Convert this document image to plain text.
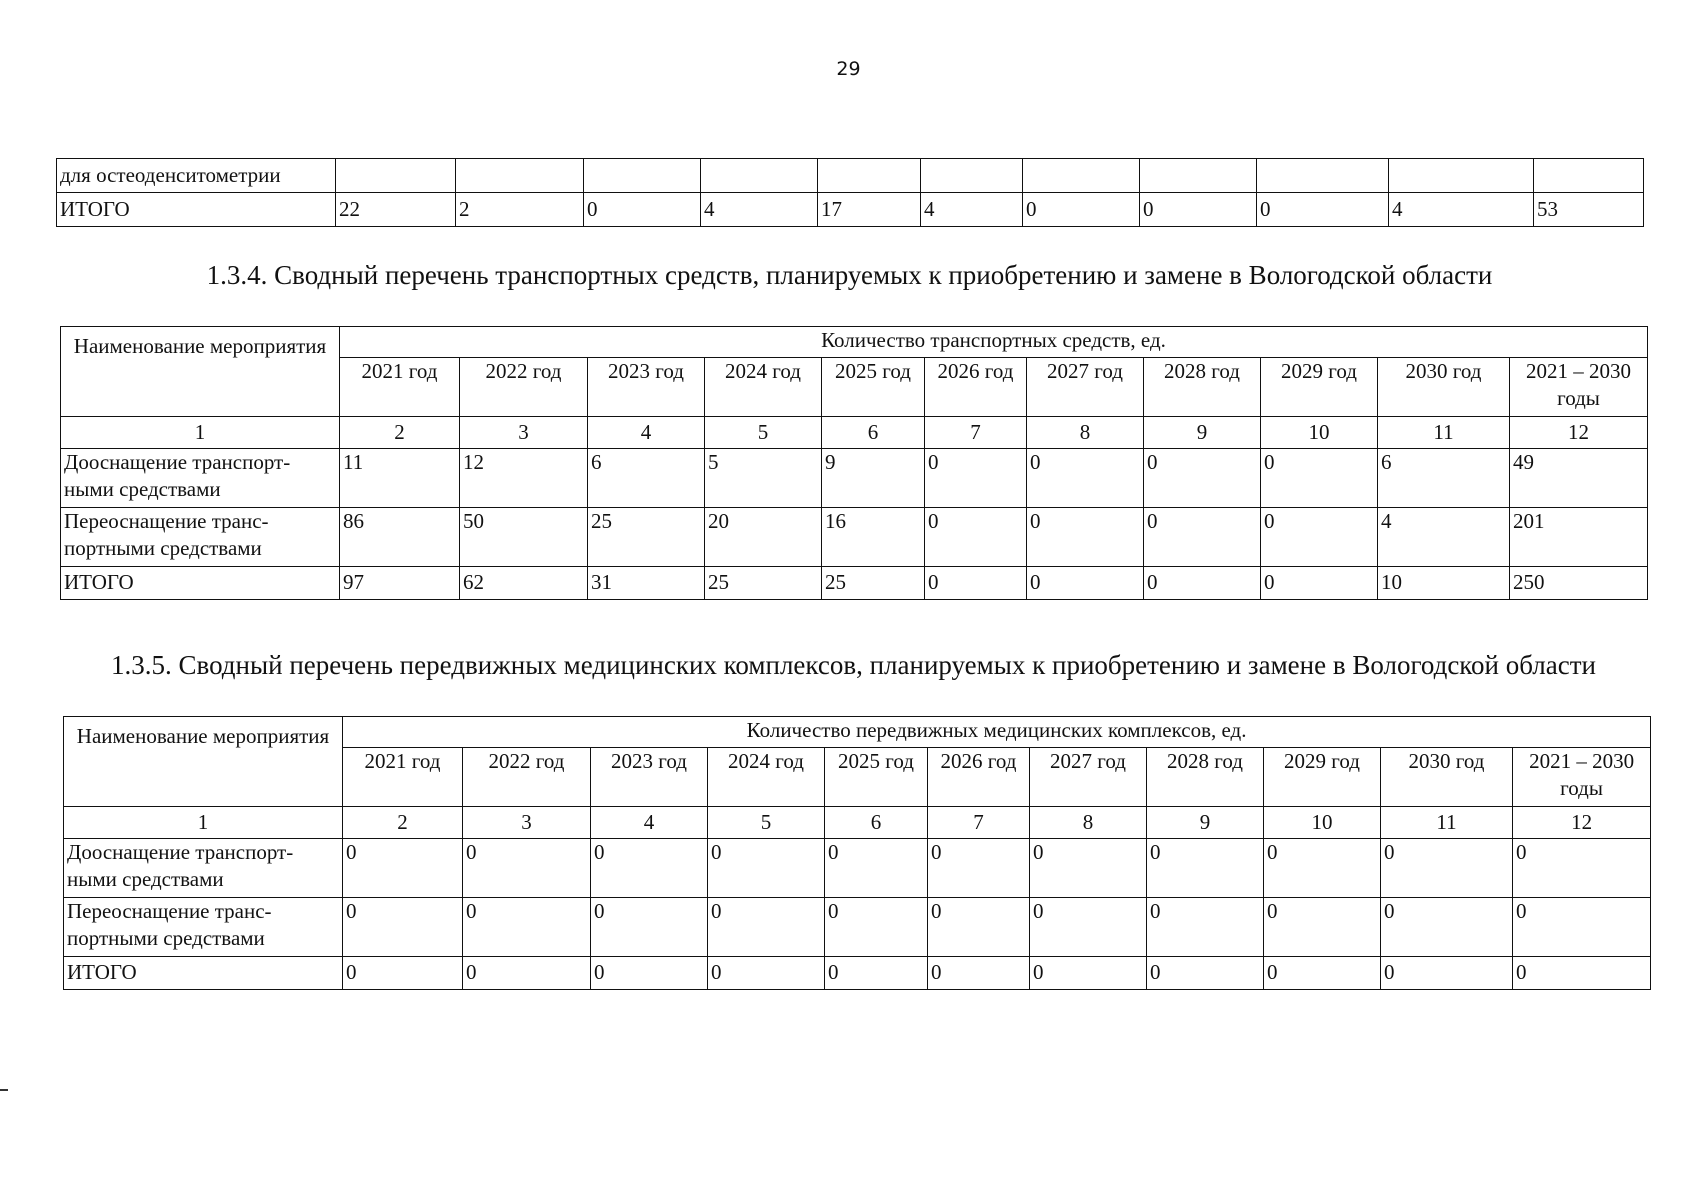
29
для остеоденситометрии											
ИТОГО	22	2	0	4	17	4	0	0	0	4	53
1.3.4. Сводный перечень транспортных средств, планируемых к приобретению и замене в Вологодской области
Наименование мероприятия	Количество транспортных средств, ед.										
	2021 год	2022 год	2023 год	2024 год	2025 год	2026 год	2027 год	2028 год	2029 год	2030 год	2021 – 2030 годы
1	2	3	4	5	6	7	8	9	10	11	12
Дооснащение транспорт-ными средствами	11	12	6	5	9	0	0	0	0	6	49
Переоснащение транс-портными средствами	86	50	25	20	16	0	0	0	0	4	201
ИТОГО	97	62	31	25	25	0	0	0	0	10	250
1.3.5. Сводный перечень передвижных медицинских комплексов, планируемых к приобретению и замене в Вологодской области
Наименование мероприятия	Количество передвижных медицинских комплексов, ед.										
	2021 год	2022 год	2023 год	2024 год	2025 год	2026 год	2027 год	2028 год	2029 год	2030 год	2021 – 2030 годы
1	2	3	4	5	6	7	8	9	10	11	12
Дооснащение транспорт-ными средствами	0	0	0	0	0	0	0	0	0	0	0
Переоснащение транс-портными средствами	0	0	0	0	0	0	0	0	0	0	0
ИТОГО	0	0	0	0	0	0	0	0	0	0	0
